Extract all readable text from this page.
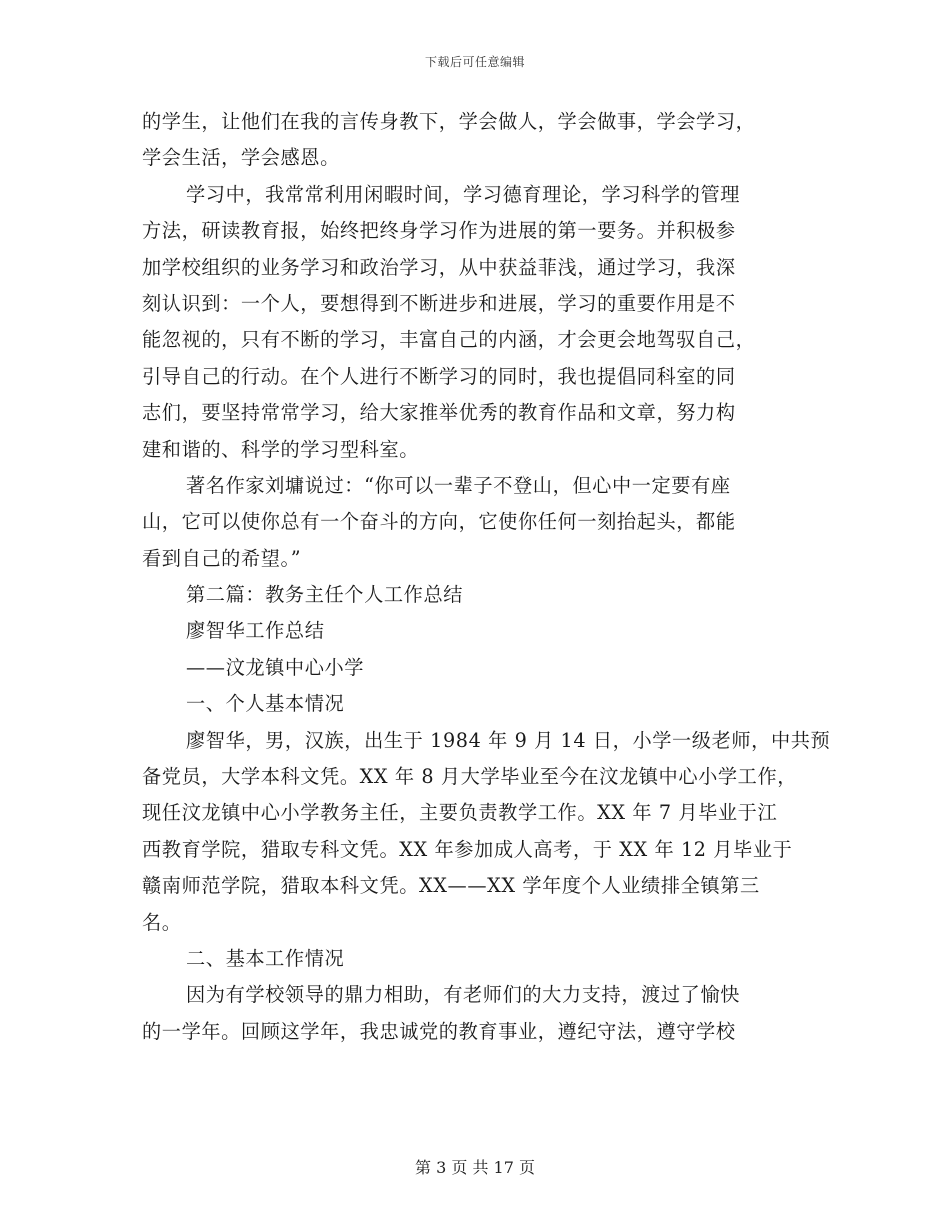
下载后可任意编辑
的学生，让他们在我的言传身教下，学会做人，学会做事，学会学习，
学会生活，学会感恩。
学习中，我常常利用闲暇时间，学习德育理论，学习科学的管理
方法，研读教育报，始终把终身学习作为进展的第一要务。并积极参
加学校组织的业务学习和政治学习，从中获益菲浅，通过学习，我深
刻认识到：一个人，要想得到不断进步和进展，学习的重要作用是不
能忽视的，只有不断的学习，丰富自己的内涵，才会更会地驾驭自己，
引导自己的行动。在个人进行不断学习的同时，我也提倡同科室的同
志们，要坚持常常学习，给大家推举优秀的教育作品和文章，努力构
建和谐的、科学的学习型科室。
著名作家刘墉说过：“你可以一辈子不登山，但心中一定要有座
山，它可以使你总有一个奋斗的方向，它使你任何一刻抬起头，都能
看到自己的希望。”
第二篇：教务主任个人工作总结
廖智华工作总结
——汶龙镇中心小学
一、个人基本情况
廖智华，男，汉族，出生于 1984 年 9 月 14 日，小学一级老师，中共预
备党员，大学本科文凭。XX 年 8 月大学毕业至今在汶龙镇中心小学工作，
现任汶龙镇中心小学教务主任，主要负责教学工作。XX 年 7 月毕业于江
西教育学院，猎取专科文凭。XX 年参加成人高考，于 XX 年 12 月毕业于
赣南师范学院，猎取本科文凭。XX——XX 学年度个人业绩排全镇第三
名。
二、基本工作情况
因为有学校领导的鼎力相助，有老师们的大力支持，渡过了愉快
的一学年。回顾这学年，我忠诚党的教育事业，遵纪守法，遵守学校
第 3 页 共 17 页
